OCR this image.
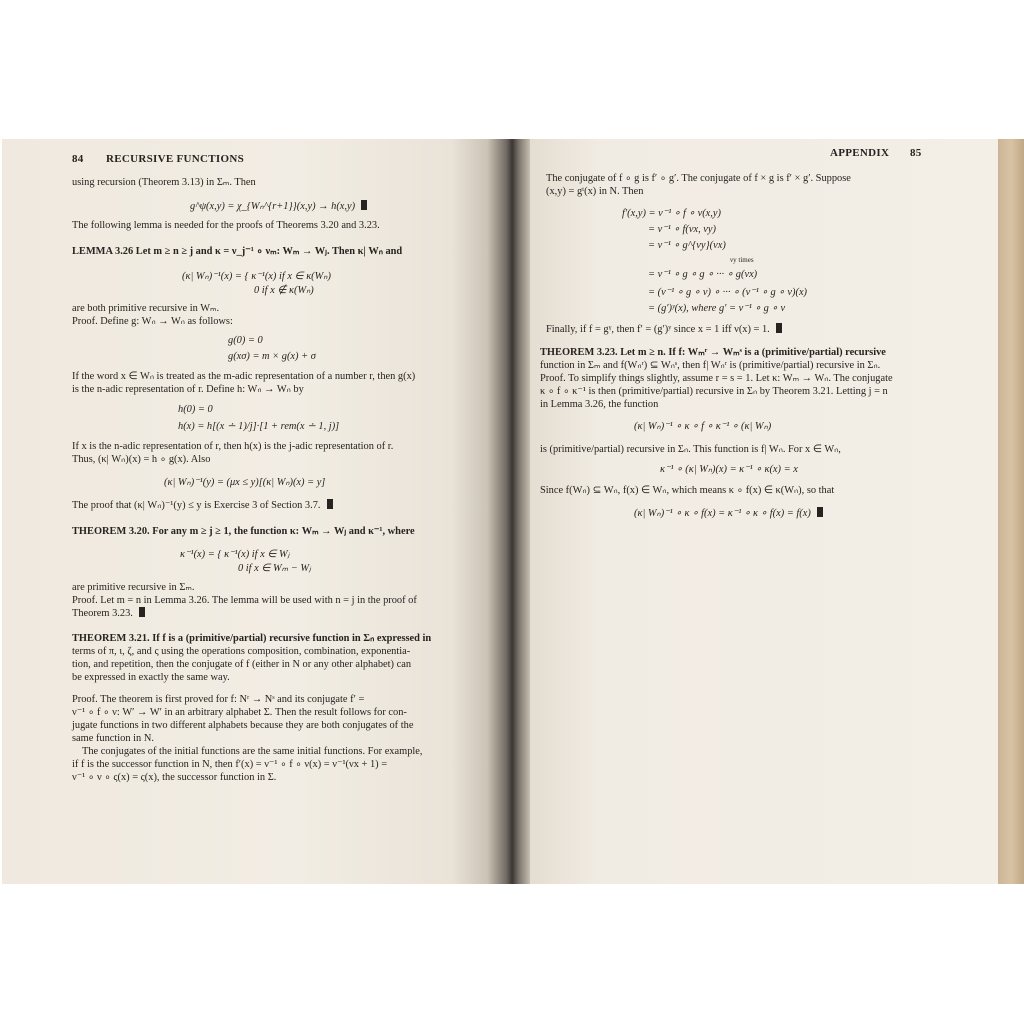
84 RECURSIVE FUNCTIONS
using recursion (Theorem 3.13) in Σₘ. Then
g^ψ(x,y) = χ_{Wₙ^{r+1}}(x,y) → h(x,y)
The following lemma is needed for the proofs of Theorems 3.20 and 3.23.
LEMMA 3.26 Let m ≥ n ≥ j and κ = ν_j⁻¹ ∘ νₘ: Wₘ → Wⱼ. Then κ| Wₙ and
(κ| Wₙ)⁻¹(x) = { κ⁻¹(x) if x ∈ κ(Wₙ)
0 if x ∉ κ(Wₙ)
are both primitive recursive in Wₘ.
Proof. Define g: Wₙ → Wₙ as follows:
g(0) = 0
g(xσ) = m × g(x) + σ
If the word x ∈ Wₙ is treated as the m-adic representation of a number r, then g(x)
is the n-adic representation of r. Define h: Wₙ → Wₙ by
h(0) = 0
h(x) = h[(x ∸ 1)/j]·[1 + rem(x ∸ 1, j)]
If x is the n-adic representation of r, then h(x) is the j-adic representation of r.
Thus, (κ| Wₙ)(x) = h ∘ g(x). Also
(κ| Wₙ)⁻¹(y) = (μx ≤ y)[(κ| Wₙ)(x) = y]
The proof that (κ| Wₙ)⁻¹(y) ≤ y is Exercise 3 of Section 3.7.
THEOREM 3.20. For any m ≥ j ≥ 1, the function κ: Wₘ → Wⱼ and κ⁻¹, where
κ⁻¹(x) = { κ⁻¹(x) if x ∈ Wⱼ
0 if x ∈ Wₘ − Wⱼ
are primitive recursive in Σₘ.
Proof. Let m = n in Lemma 3.26. The lemma will be used with n = j in the proof of
Theorem 3.23.
THEOREM 3.21. If f is a (primitive/partial) recursive function in Σₙ expressed in
terms of π, ι, ζ, and ς using the operations composition, combination, exponentia-
tion, and repetition, then the conjugate of f (either in N or any other alphabet) can
be expressed in exactly the same way.
Proof. The theorem is first proved for f: Nʳ → Nˢ and its conjugate f′ =
ν⁻¹ ∘ f ∘ ν: W′ → W′ in an arbitrary alphabet Σ. Then the result follows for con-
jugate functions in two different alphabets because they are both conjugates of the
same function in N.
The conjugates of the initial functions are the same initial functions. For example,
if f is the successor function in N, then f′(x) = ν⁻¹ ∘ f ∘ ν(x) = ν⁻¹(νx + 1) =
ν⁻¹ ∘ ν ∘ ς(x) = ς(x), the successor function in Σ.
APPENDIX 85
The conjugate of f ∘ g is f′ ∘ g′. The conjugate of f × g is f′ × g′. Suppose
(x,y) = gᵗ(x) in N. Then
f′(x,y) = ν⁻¹ ∘ f ∘ ν(x,y)
= ν⁻¹ ∘ f(νx, νy)
= ν⁻¹ ∘ g^{νy}(νx)
νy times
= ν⁻¹ ∘ g ∘ g ∘ ··· ∘ g(νx)
= (ν⁻¹ ∘ g ∘ ν) ∘ ··· ∘ (ν⁻¹ ∘ g ∘ ν)(x)
= (g′)ʸ(x), where g′ = ν⁻¹ ∘ g ∘ ν
Finally, if f = gᵞ, then f′ = (g′)ʸ since x = 1 iff ν(x) = 1.
THEOREM 3.23. Let m ≥ n. If f: Wₘʳ → Wₘˢ is a (primitive/partial) recursive
function in Σₘ and f(Wₙʳ) ⊆ Wₙˢ, then f| Wₙʳ is (primitive/partial) recursive in Σₙ.
Proof. To simplify things slightly, assume r = s = 1. Let κ: Wₘ → Wₙ. The conjugate
κ ∘ f ∘ κ⁻¹ is then (primitive/partial) recursive in Σₙ by Theorem 3.21. Letting j = n
in Lemma 3.26, the function
(κ| Wₙ)⁻¹ ∘ κ ∘ f ∘ κ⁻¹ ∘ (κ| Wₙ)
is (primitive/partial) recursive in Σₙ. This function is f| Wₙ. For x ∈ Wₙ,
κ⁻¹ ∘ (κ| Wₙ)(x) = κ⁻¹ ∘ κ(x) = x
Since f(Wₙ) ⊆ Wₙ, f(x) ∈ Wₙ, which means κ ∘ f(x) ∈ κ(Wₙ), so that
(κ| Wₙ)⁻¹ ∘ κ ∘ f(x) = κ⁻¹ ∘ κ ∘ f(x) = f(x)
